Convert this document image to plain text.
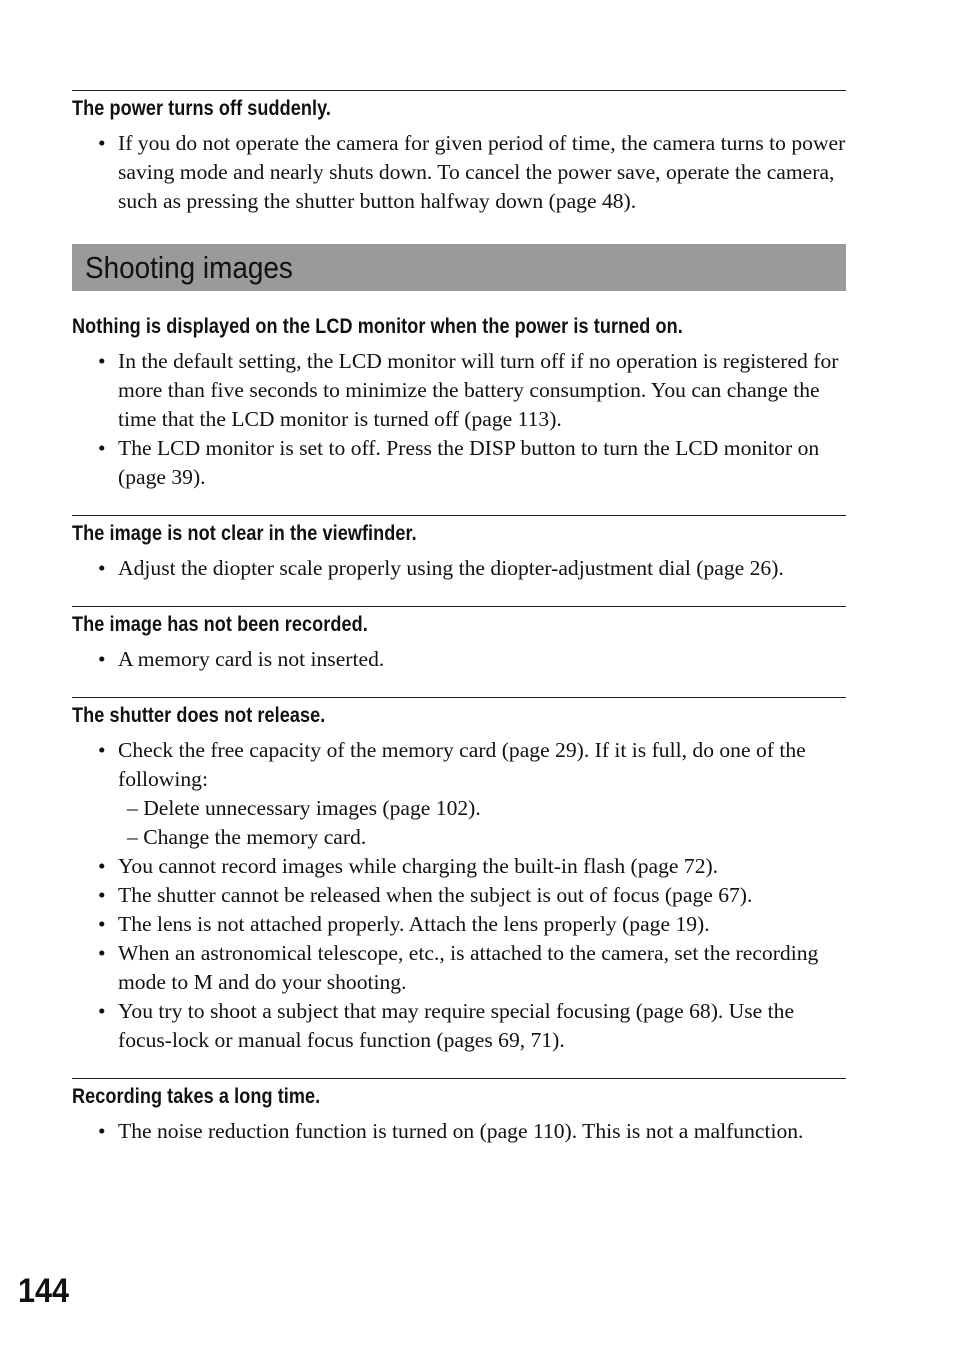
The power turns off suddenly.
• If you do not operate the camera for given period of time, the camera turns to power saving mode and nearly shuts down. To cancel the power save, operate the camera, such as pressing the shutter button halfway down (page 48).
Shooting images
Nothing is displayed on the LCD monitor when the power is turned on.
• In the default setting, the LCD monitor will turn off if no operation is registered for more than five seconds to minimize the battery consumption. You can change the time that the LCD monitor is turned off (page 113).
• The LCD monitor is set to off. Press the DISP button to turn the LCD monitor on (page 39).
The image is not clear in the viewfinder.
• Adjust the diopter scale properly using the diopter-adjustment dial (page 26).
The image has not been recorded.
• A memory card is not inserted.
The shutter does not release.
• Check the free capacity of the memory card (page 29). If it is full, do one of the following:
– Delete unnecessary images (page 102).
– Change the memory card.
• You cannot record images while charging the built-in flash (page 72).
• The shutter cannot be released when the subject is out of focus (page 67).
• The lens is not attached properly. Attach the lens properly (page 19).
• When an astronomical telescope, etc., is attached to the camera, set the recording mode to M and do your shooting.
• You try to shoot a subject that may require special focusing (page 68). Use the focus-lock or manual focus function (pages 69, 71).
Recording takes a long time.
• The noise reduction function is turned on (page 110). This is not a malfunction.
144
